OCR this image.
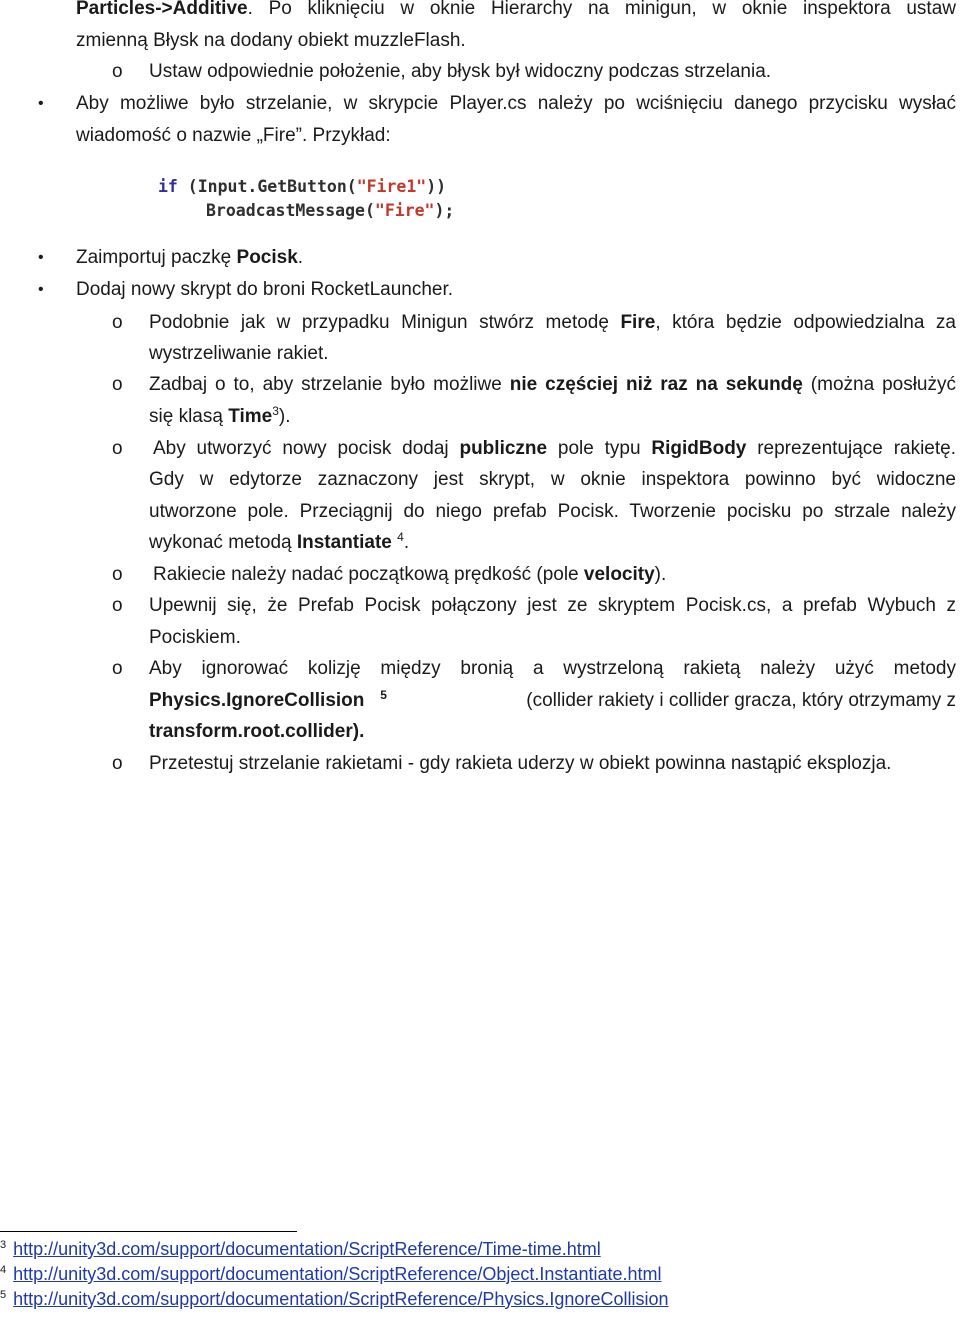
Particles->Additive. Po kliknięciu w oknie Hierarchy na minigun, w oknie inspektora ustaw
zmienną Błysk na dodany obiekt muzzleFlash.
o Ustaw odpowiednie położenie, aby błysk był widoczny podczas strzelania.
• Aby możliwe było strzelanie, w skrypcie Player.cs należy po wciśnięciu danego przycisku wysłać
wiadomość o nazwie „Fire”. Przykład:
if (Input.GetButton("Fire1"))
BroadcastMessage("Fire");
• Zaimportuj paczkę Pocisk.
• Dodaj nowy skrypt do broni RocketLauncher.
o Podobnie jak w przypadku Minigun stwórz metodę Fire, która będzie odpowiedzialna za
wystrzeliwanie rakiet.
o Zadbaj o to, aby strzelanie było możliwe nie częściej niż raz na sekundę (można posłużyć
się klasą Time$^3$).
o Aby utworzyć nowy pocisk dodaj publiczne pole typu RigidBody reprezentujące rakietę.
Gdy w edytorze zaznaczony jest skrypt, w oknie inspektora powinno być widoczne
utworzone pole. Przeciągnij do niego prefab Pocisk. Tworzenie pocisku po strzale należy
wykonać metodą Instantiate $^4$.
o Rakiecie należy nadać początkową prędkość (pole velocity).
o Upewnij się, że Prefab Pocisk połączony jest ze skryptem Pocisk.cs, a prefab Wybuch z
Pociskiem.
o Aby ignorować kolizję między bronią a wystrzeloną rakietą należy użyć metody
Physics.IgnoreCollision $^5$	(collider rakiety i collider gracza, który otrzymamy z
transform.root.collider).
o Przetestuj strzelanie rakietami - gdy rakieta uderzy w obiekt powinna nastąpić eksplozja.
$^3$ http://unity3d.com/support/documentation/ScriptReference/Time-time.html
$^4$ http://unity3d.com/support/documentation/ScriptReference/Object.Instantiate.html
$^5$ http://unity3d.com/support/documentation/ScriptReference/Physics.IgnoreCollision
